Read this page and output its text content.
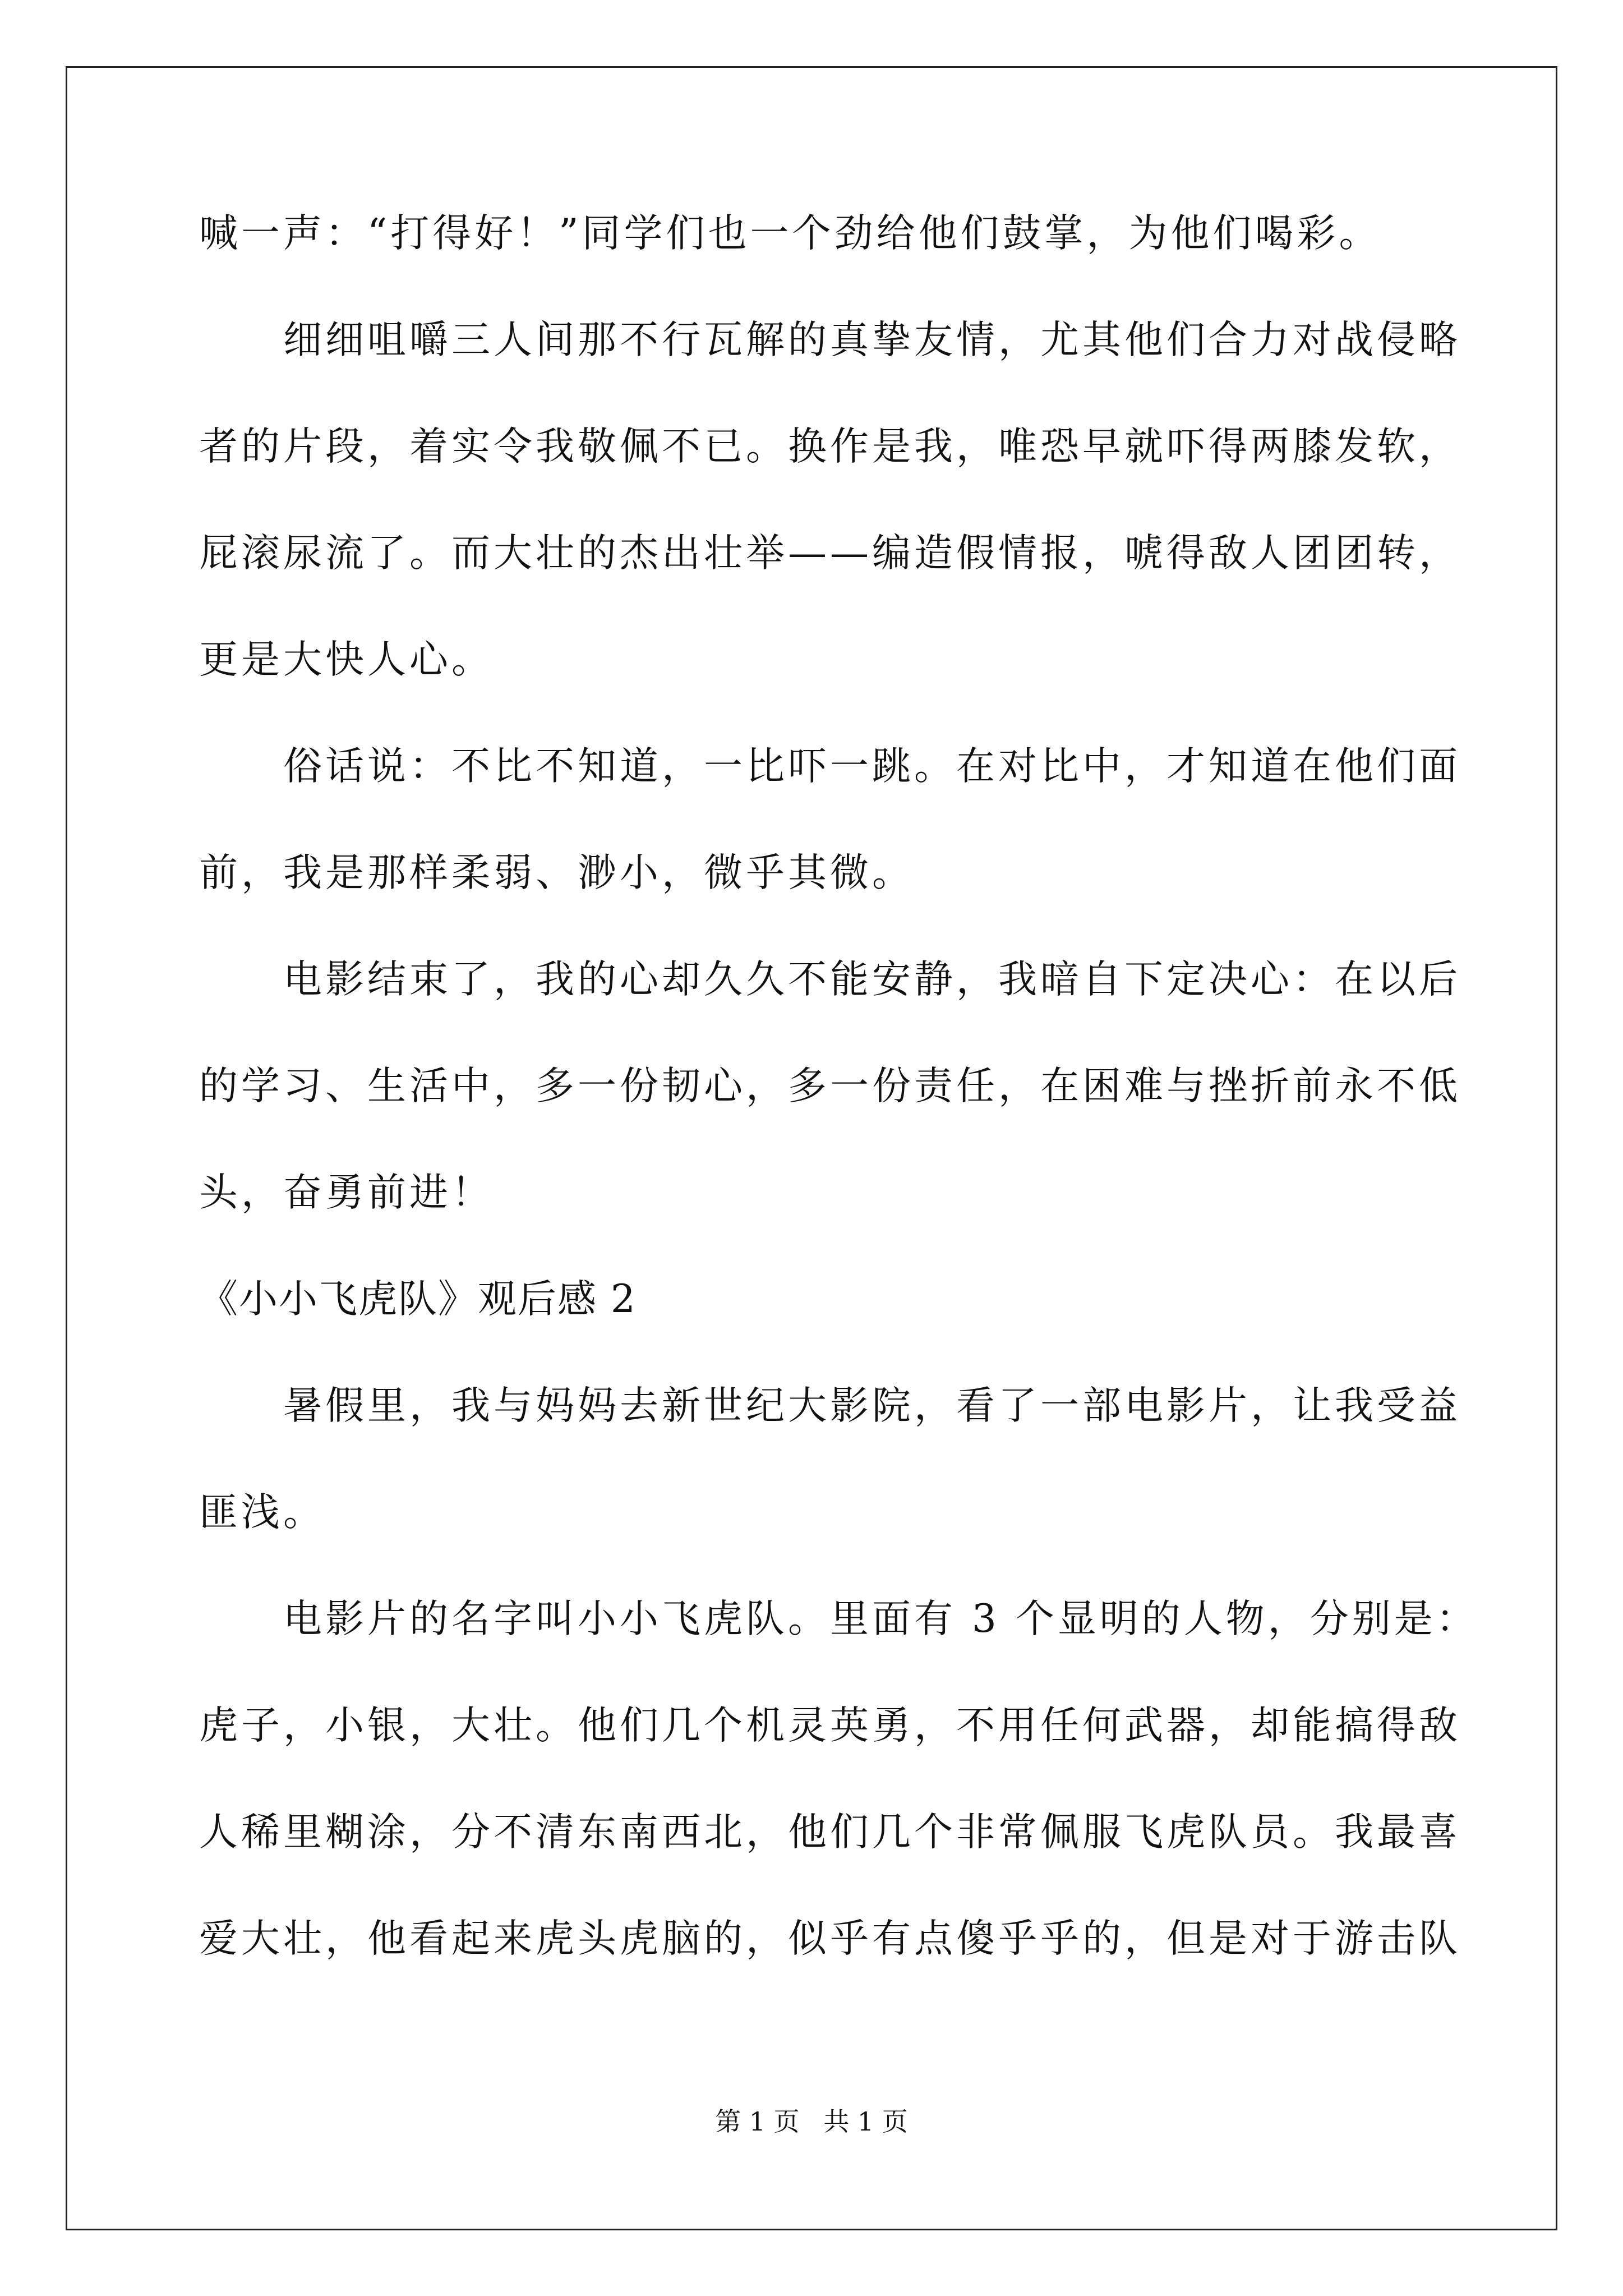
喊一声：“打得好！”同学们也一个劲给他们鼓掌，为他们喝彩。

　　细细咀嚼三人间那不行瓦解的真挚友情，尤其他们合力对战侵略

者的片段，着实令我敬佩不已。换作是我，唯恐早就吓得两膝发软，

屁滚尿流了。而大壮的杰出壮举——编造假情报，唬得敌人团团转，

更是大快人心。

　　俗话说：不比不知道，一比吓一跳。在对比中，才知道在他们面

前，我是那样柔弱、渺小，微乎其微。

　　电影结束了，我的心却久久不能安静，我暗自下定决心：在以后

的学习、生活中，多一份韧心，多一份责任，在困难与挫折前永不低

头，奋勇前进！

《小小飞虎队》观后感 2

　　暑假里，我与妈妈去新世纪大影院，看了一部电影片，让我受益

匪浅。

　　电影片的名字叫小小飞虎队。里面有 3 个显明的人物，分别是：

虎子，小银，大壮。他们几个机灵英勇，不用任何武器，却能搞得敌

人稀里糊涂，分不清东南西北，他们几个非常佩服飞虎队员。我最喜

爱大壮，他看起来虎头虎脑的，似乎有点傻乎乎的，但是对于游击队

第 1 页 共 1 页
